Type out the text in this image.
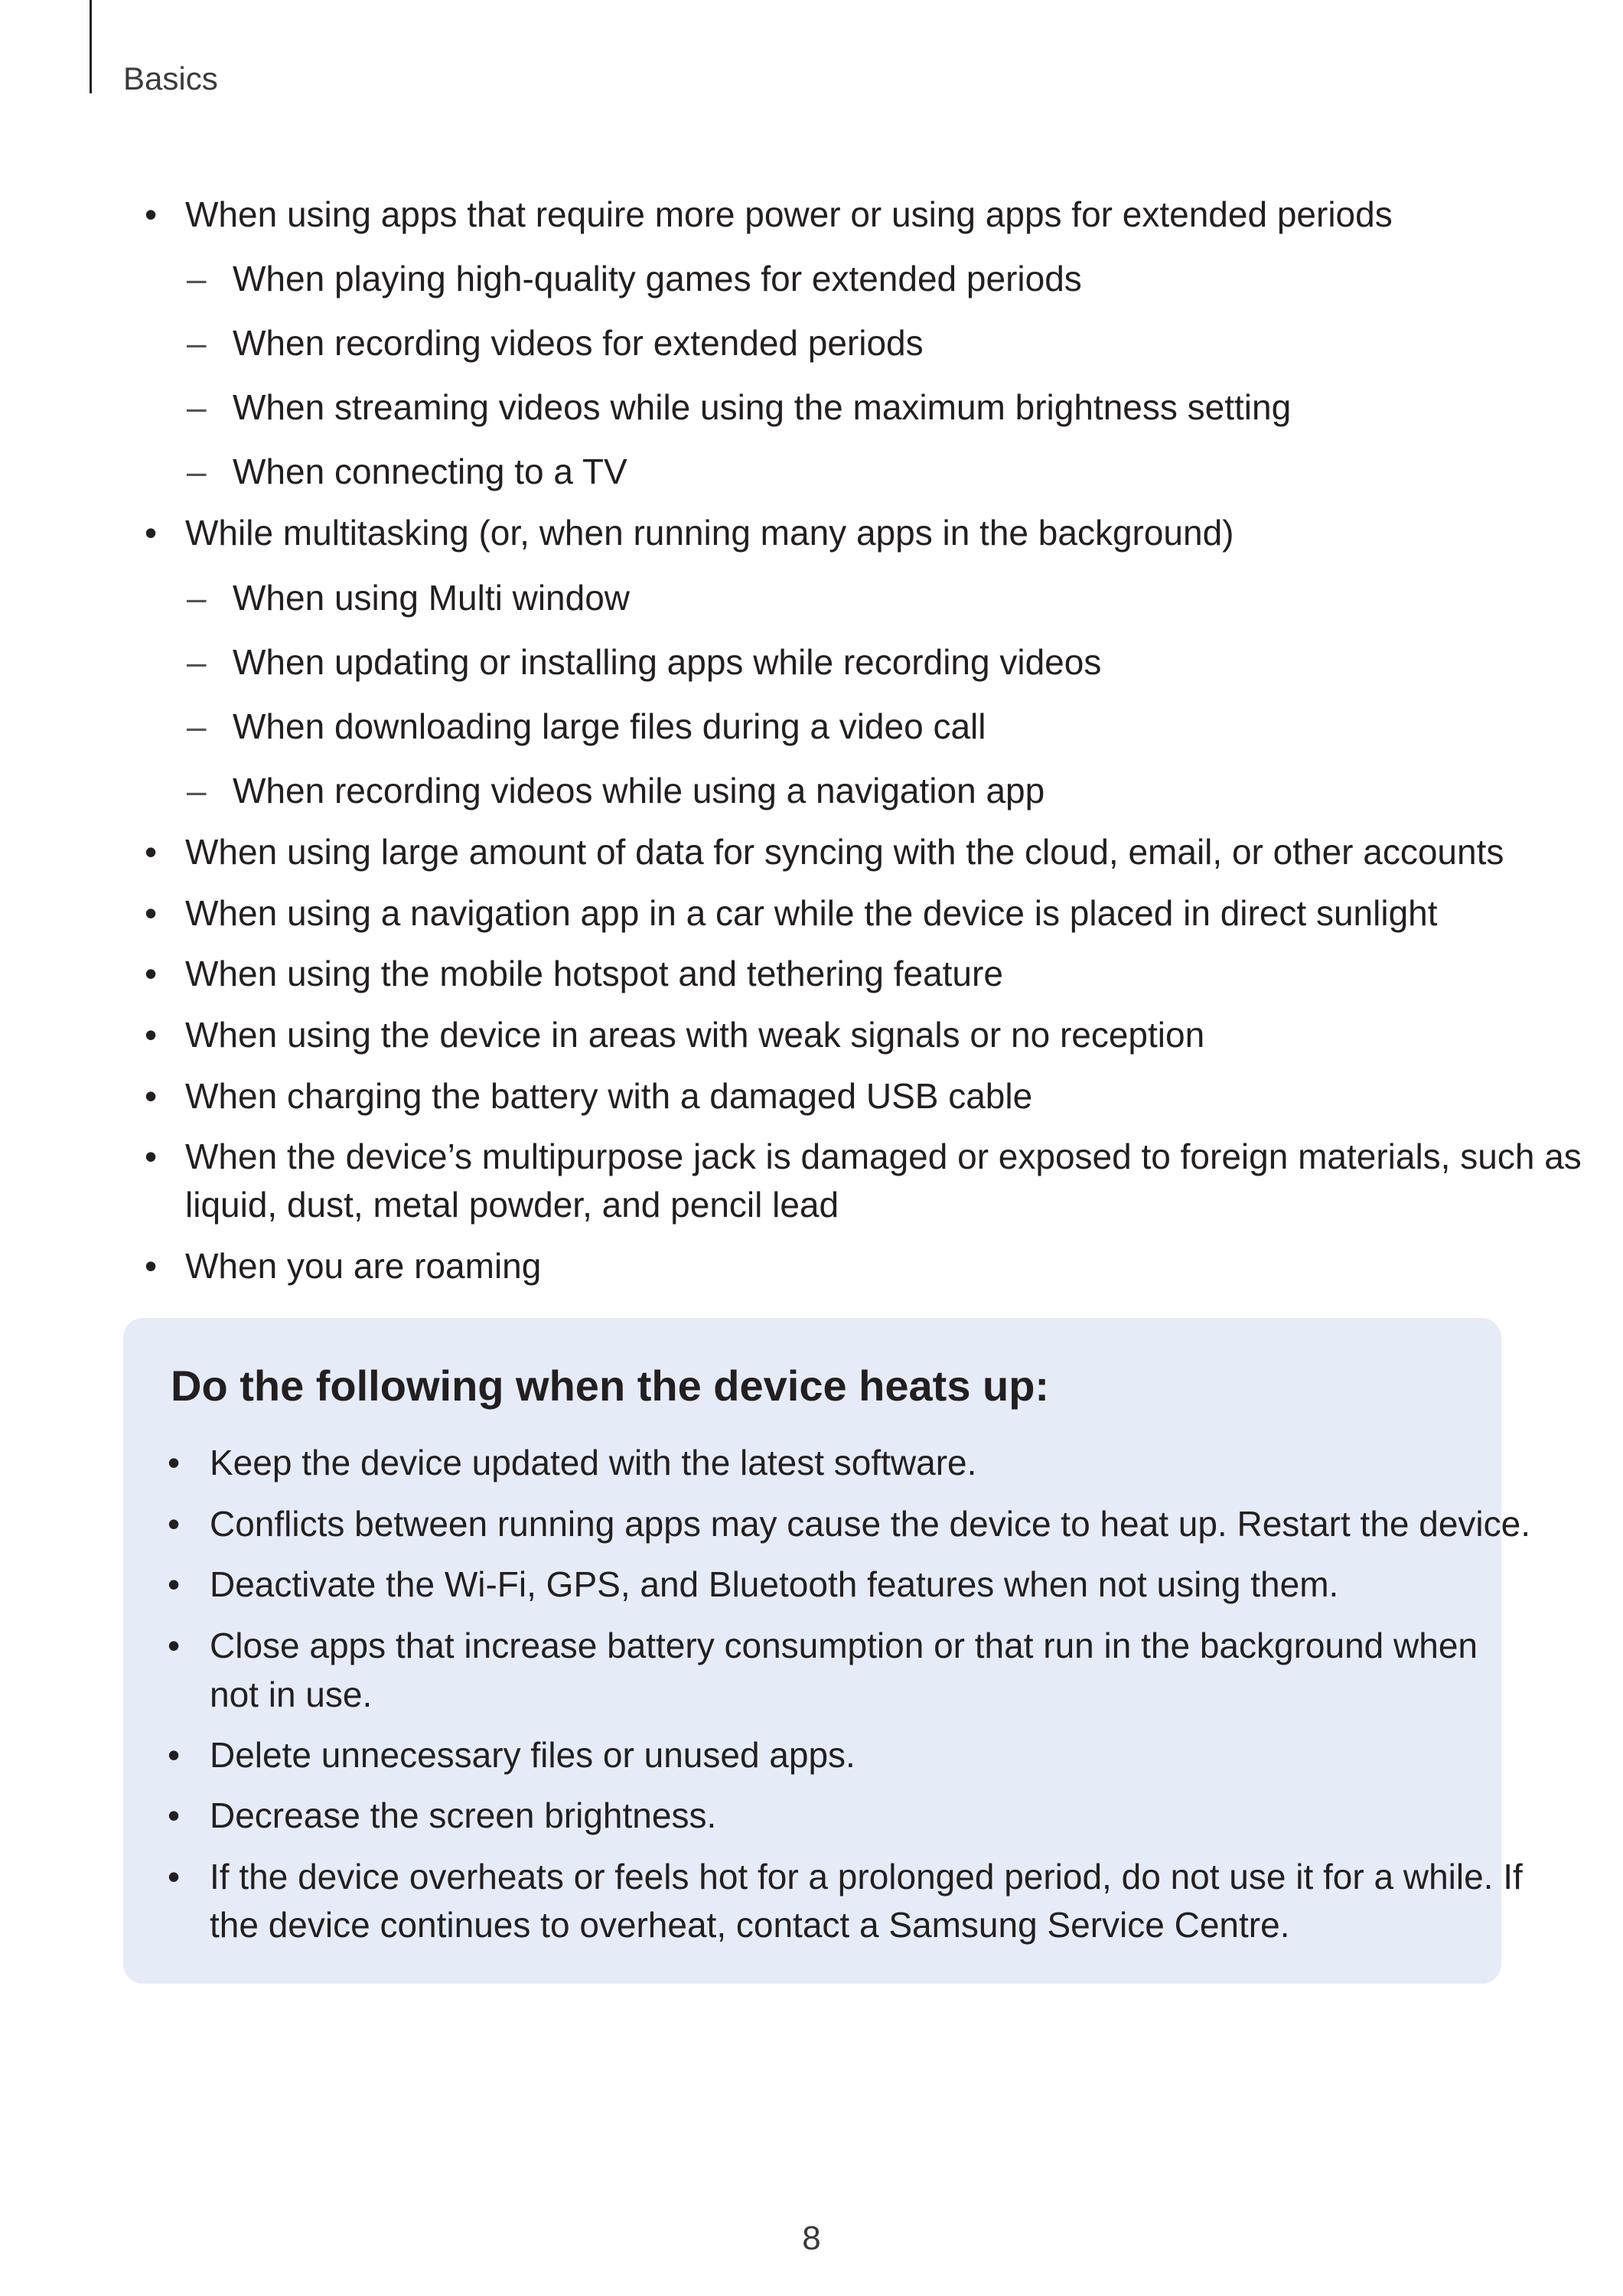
Basics
• When using apps that require more power or using apps for extended periods
– When playing high-quality games for extended periods
– When recording videos for extended periods
– When streaming videos while using the maximum brightness setting
– When connecting to a TV
• While multitasking (or, when running many apps in the background)
– When using Multi window
– When updating or installing apps while recording videos
– When downloading large files during a video call
– When recording videos while using a navigation app
• When using large amount of data for syncing with the cloud, email, or other accounts
• When using a navigation app in a car while the device is placed in direct sunlight
• When using the mobile hotspot and tethering feature
• When using the device in areas with weak signals or no reception
• When charging the battery with a damaged USB cable
• When the device’s multipurpose jack is damaged or exposed to foreign materials, such as
liquid, dust, metal powder, and pencil lead
• When you are roaming
Do the following when the device heats up:
• Keep the device updated with the latest software.
• Conflicts between running apps may cause the device to heat up. Restart the device.
• Deactivate the Wi-Fi, GPS, and Bluetooth features when not using them.
• Close apps that increase battery consumption or that run in the background when
not in use.
• Delete unnecessary files or unused apps.
• Decrease the screen brightness.
• If the device overheats or feels hot for a prolonged period, do not use it for a while. If
the device continues to overheat, contact a Samsung Service Centre.
8
